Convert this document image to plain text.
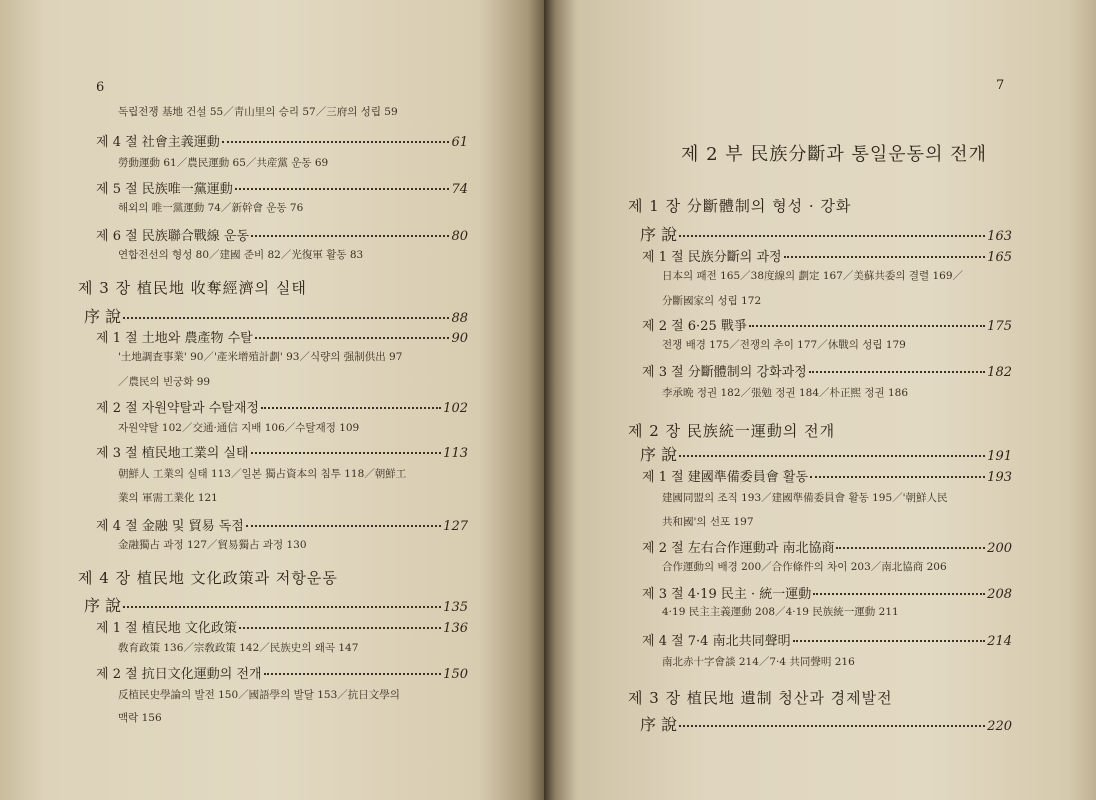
6
독립전쟁 基地 건설 55／靑山里의 승리 57／三府의 성립 59
제 4 절 社會主義運動	61
勞動運動 61／農民運動 65／共産黨 운동 69
제 5 절 民族唯一黨運動	74
해외의 唯一黨運動 74／新幹會 운동 76
제 6 절 民族聯合戰線 운동	80
연합전선의 형성 80／建國 준비 82／光復軍 활동 83
제 3 장 植民地 收奪經濟의 실태
序 說	88
제 1 절 土地와 農產物 수탈	90
'土地調査事業' 90／'產米增殖計劃' 93／식량의 强制供出 97
／農民의 빈궁화 99
제 2 절 자원약탈과 수탈재정	102
자원약탈 102／交通·通信 지배 106／수탈재정 109
제 3 절 植民地工業의 실태	113
朝鮮人 工業의 실태 113／일본 獨占資本의 침투 118／朝鮮工
業의 軍需工業化 121
제 4 절 金融 및 貿易 독점	127
金融獨占 과정 127／貿易獨占 과정 130
제 4 장 植民地 文化政策과 저항운동
序 說	135
제 1 절 植民地 文化政策	136
敎育政策 136／宗敎政策 142／民族史의 왜곡 147
제 2 절 抗日文化運動의 전개	150
反植民史學論의 발전 150／國語學의 발달 153／抗日文學의
맥락 156
7
제 2 부 民族分斷과 통일운동의 전개
제 1 장 分斷體制의 형성 · 강화
序 說	163
제 1 절 民族分斷의 과정	165
日本의 패전 165／38度線의 劃定 167／美蘇共委의 결렬 169／
分斷國家의 성립 172
제 2 절 6·25 戰爭	175
전쟁 배경 175／전쟁의 추이 177／休戰의 성립 179
제 3 절 分斷體制의 강화과정	182
李承晩 정권 182／張勉 정권 184／朴正熙 정권 186
제 2 장 民族統一運動의 전개
序 說	191
제 1 절 建國準備委員會 활동	193
建國同盟의 조직 193／建國準備委員會 활동 195／'朝鮮人民
共和國'의 선포 197
제 2 절 左右合作運動과 南北協商	200
合作運動의 배경 200／合作條件의 차이 203／南北協商 206
제 3 절 4·19 民主 · 統一運動	208
4·19 民主主義運動 208／4·19 民族統一運動 211
제 4 절 7·4 南北共同聲明	214
南北赤十字會談 214／7·4 共同聲明 216
제 3 장 植民地 遺制 청산과 경제발전
序 說	220
